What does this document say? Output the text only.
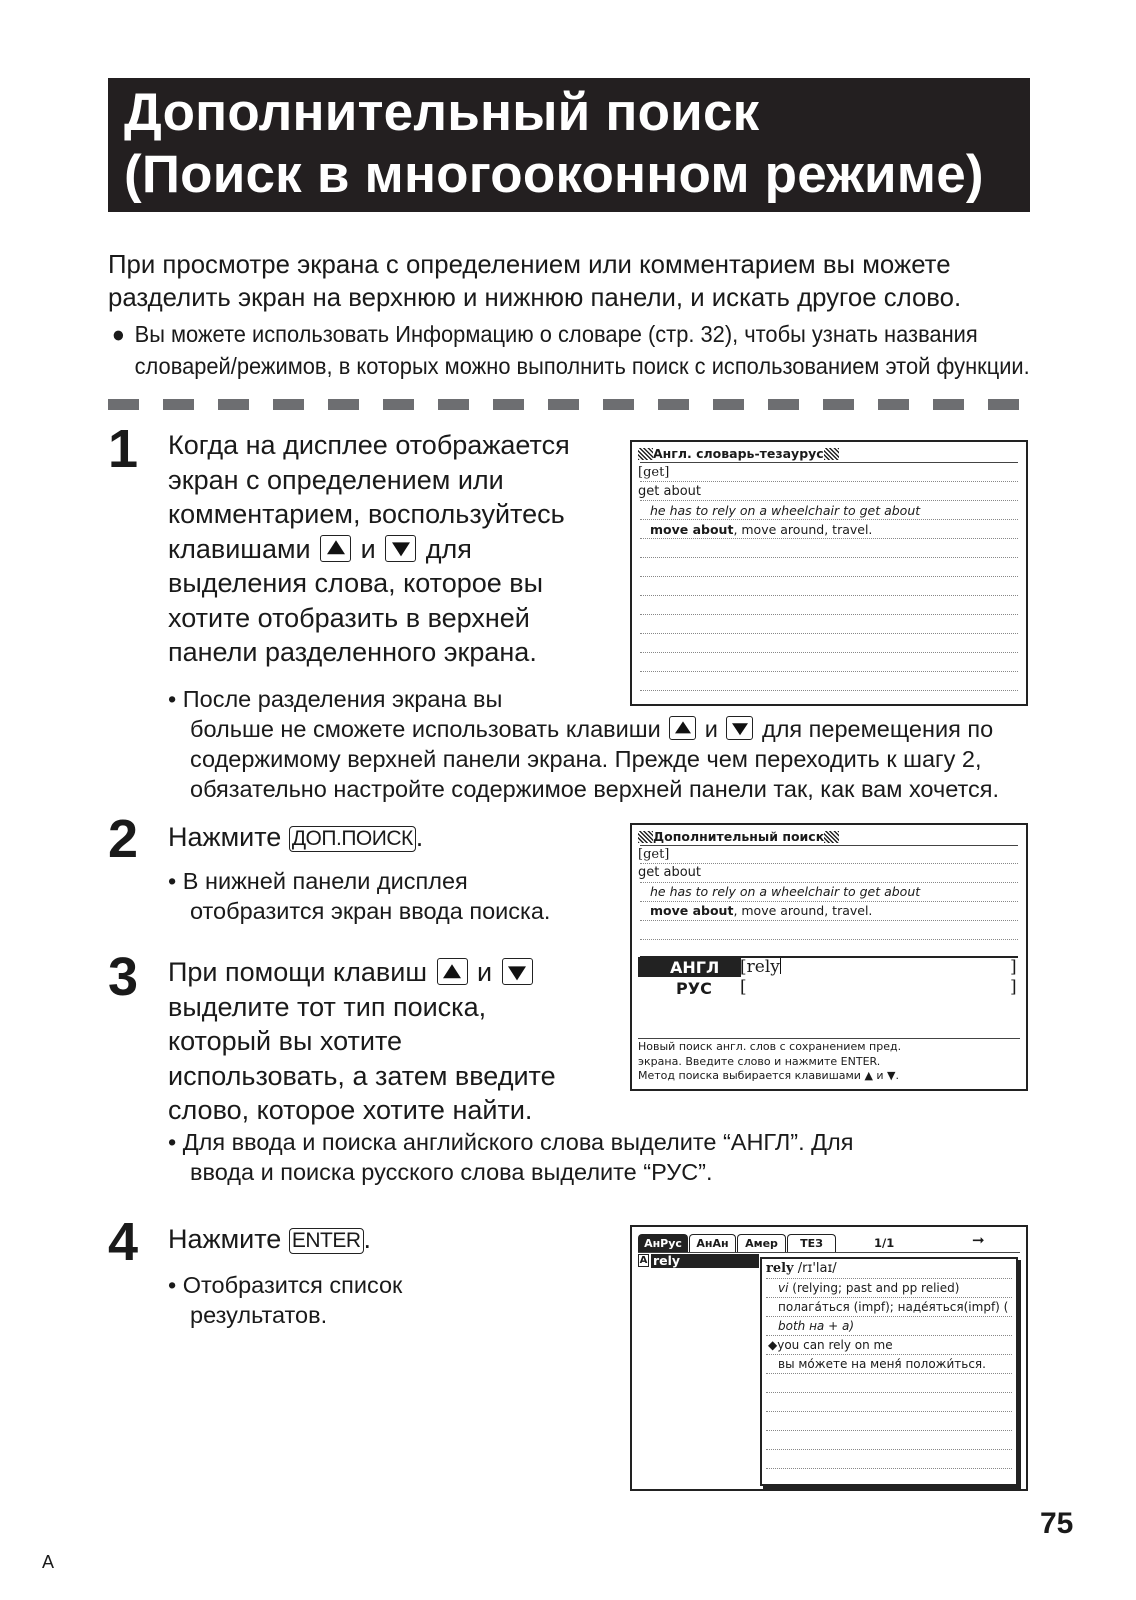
Дополнительный поиск
(Поиск в многооконном режиме)
При просмотре экрана с определением или комментарием вы можете
разделить экран на верхнюю и нижнюю панели, и искать другое слово.
● Вы можете использовать Информацию о словаре (стр. 32), чтобы узнать названия
словарей/режимов, в которых можно выполнить поиск с использованием этой функции.
1 Когда на дисплее отображается
экран с определением или
комментарием, воспользуйтесь
клавишами и для
выделения слова, которое вы
хотите отобразить в верхней
панели разделенного экрана.
• После разделения экрана вы
больше не сможете использовать клавиши и для перемещения по
содержимому верхней панели экрана. Прежде чем переходить к шагу 2,
обязательно настройте содержимое верхней панели так, как вам хочется.
Англ. словарь-тезаурус
[get]
get about
he has to rely on a wheelchair to get about
move about, move around, travel.
2 Нажмите ДОП.ПОИСК .
• В нижней панели дисплея
отобразится экран ввода поиска.
Дополнительный поиск
[get]
get about
he has to rely on a wheelchair to get about
move about, move around, travel.
АНГЛ [rely	]
РУС [	]
Новый поиск англ. слов с сохранением пред.
экрана. Введите слово и нажмите ENTER.
Метод поиска выбирается клавишами ▲ и ▼.
3 При помощи клавиш и
выделите тот тип поиска,
который вы хотите
использовать, а затем введите
слово, которое хотите найти.
• Для ввода и поиска английского слова выделите “АНГЛ”. Для
ввода и поиска русского слова выделите “РУС”.
4 Нажмите ENTER .
• Отобразится список
результатов.
АнРус	АнАн	Амер	ТЕЗ	1/1	➞
A rely
rely /rɪ'laɪ/
vi (relying; past and pp relied)
полага́ться (impf); наде́яться(impf) (
both на + a)
◆you can rely on me
вы мо́жете на меня́ положи́ться.
75
A
